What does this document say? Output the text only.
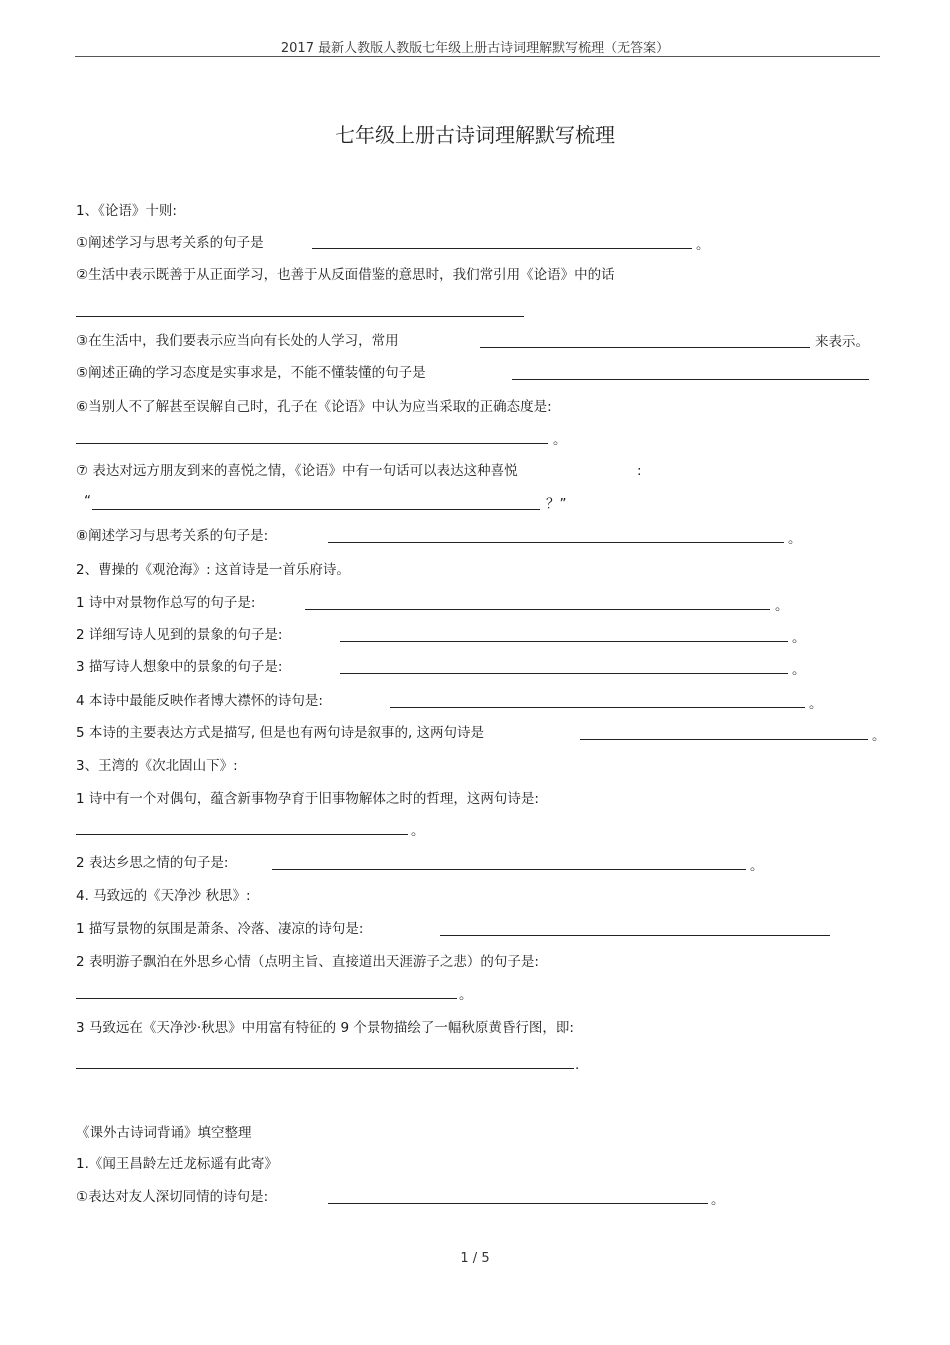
2017 最新人教版人教版七年级上册古诗词理解默写梳理（无答案）
七年级上册古诗词理解默写梳理
1、《论语》十则:
①阐述学习与思考关系的句子是	。
②生活中表示既善于从正面学习，也善于从反面借鉴的意思时，我们常引用《论语》中的话
③在生活中，我们要表示应当向有长处的人学习，常用	来表示。
⑤阐述正确的学习态度是实事求是，不能不懂装懂的句子是
⑥当别人不了解甚至误解自己时，孔子在《论语》中认为应当采取的正确态度是:
。
⑦ 表达对远方朋友到来的喜悦之情，《论语》中有一句话可以表达这种喜悦	:
“	？”
⑧阐述学习与思考关系的句子是:	。
2、曹操的《观沧海》: 这首诗是一首乐府诗。
1 诗中对景物作总写的句子是:	。
2 详细写诗人见到的景象的句子是:	。
3 描写诗人想象中的景象的句子是:	。
4 本诗中最能反映作者博大襟怀的诗句是:	。
5 本诗的主要表达方式是描写, 但是也有两句诗是叙事的, 这两句诗是	。
3、王湾的《次北固山下》:
1 诗中有一个对偶句，蕴含新事物孕育于旧事物解体之时的哲理，这两句诗是:
。
2 表达乡思之情的句子是:	。
4. 马致远的《天净沙 秋思》:
1 描写景物的氛围是萧条、冷落、凄凉的诗句是:
2 表明游子飘泊在外思乡心情（点明主旨、直接道出天涯游子之悲）的句子是:
。
3 马致远在《天净沙·秋思》中用富有特征的 9 个景物描绘了一幅秋原黄昏行图，即:
.
《课外古诗词背诵》填空整理
1.《闻王昌龄左迁龙标遥有此寄》
①表达对友人深切同情的诗句是:	。
1 / 5
